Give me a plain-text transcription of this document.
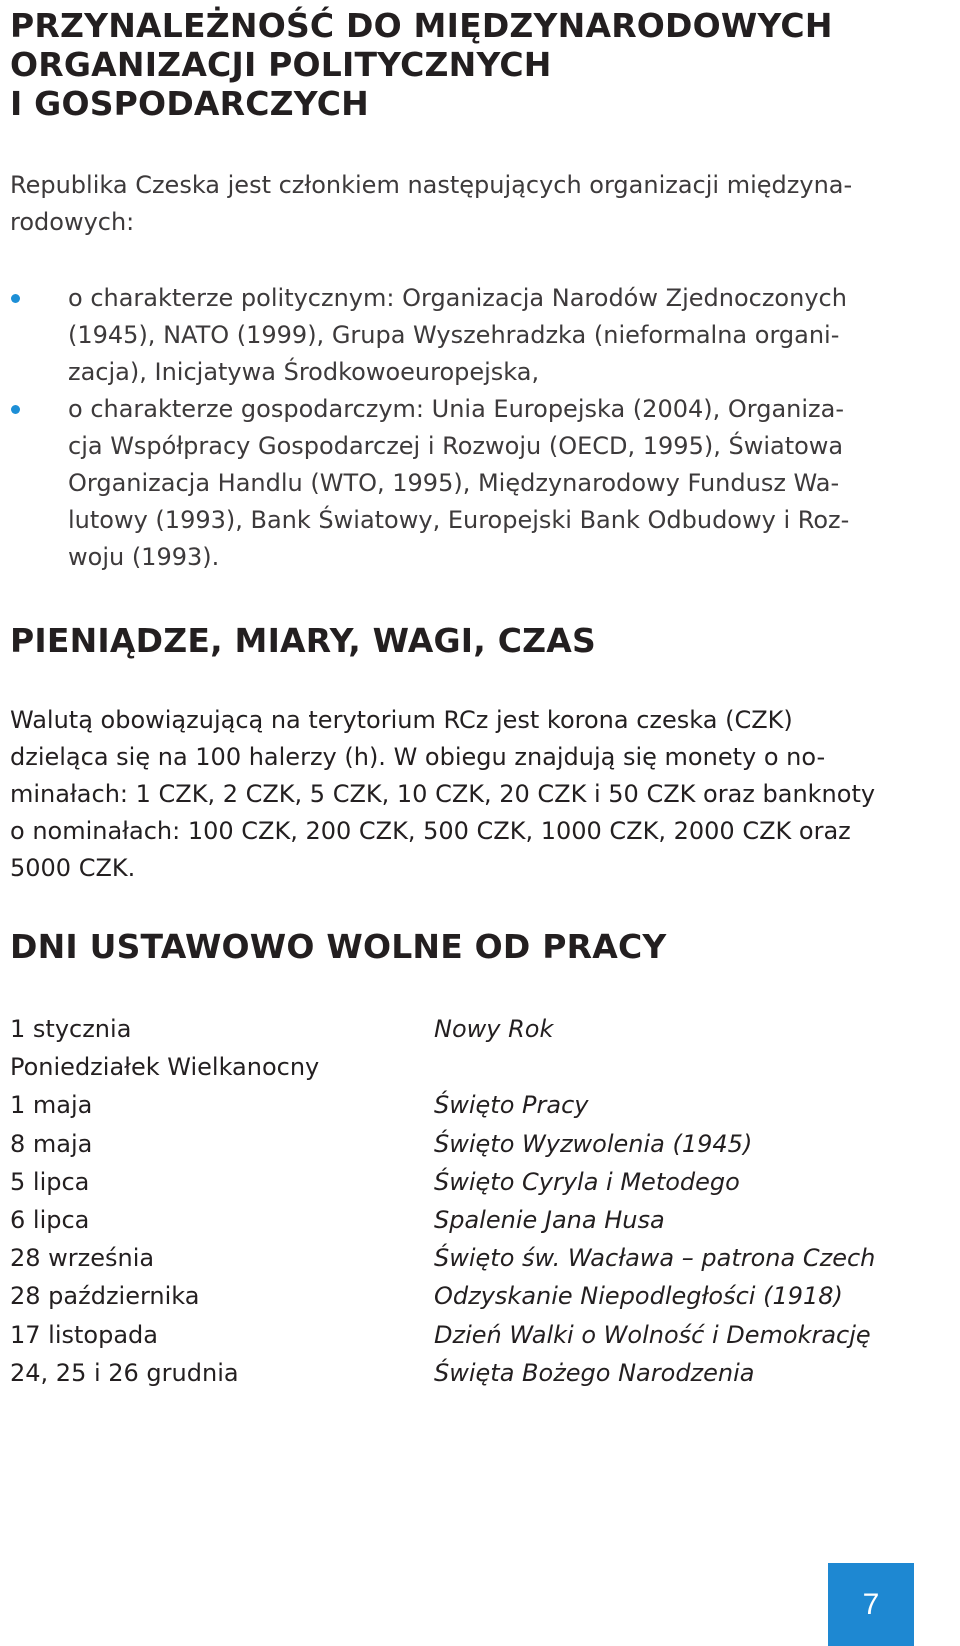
PRZYNALEŻNOŚĆ DO MIĘDZYNARODOWYCH
ORGANIZACJI POLITYCZNYCH
I GOSPODARCZYCH
Republika Czeska jest członkiem następujących organizacji międzyna-
rodowych:
o charakterze politycznym: Organizacja Narodów Zjednoczonych
(1945), NATO (1999), Grupa Wyszehradzka (nieformalna organi-
zacja), Inicjatywa Środkowoeuropejska,
o charakterze gospodarczym: Unia Europejska (2004), Organiza-
cja Współpracy Gospodarczej i Rozwoju (OECD, 1995), Światowa
Organizacja Handlu (WTO, 1995), Międzynarodowy Fundusz Wa-
lutowy (1993), Bank Światowy, Europejski Bank Odbudowy i Roz-
woju (1993).
PIENIĄDZE, MIARY, WAGI, CZAS
Walutą obowiązującą na terytorium RCz jest korona czeska (CZK)
dzieląca się na 100 halerzy (h). W obiegu znajdują się monety o no-
minałach: 1 CZK, 2 CZK, 5 CZK, 10 CZK, 20 CZK i 50 CZK oraz banknoty
o nominałach: 100 CZK, 200 CZK, 500 CZK, 1000 CZK, 2000 CZK oraz
5000 CZK.
DNI USTAWOWO WOLNE OD PRACY
1 stycznia	Nowy Rok
Poniedziałek Wielkanocny
1 maja	Święto Pracy
8 maja	Święto Wyzwolenia (1945)
5 lipca	Święto Cyryla i Metodego
6 lipca	Spalenie Jana Husa
28 września	Święto św. Wacława – patrona Czech
28 października	Odzyskanie Niepodległości (1918)
17 listopada	Dzień Walki o Wolność i Demokrację
24, 25 i 26 grudnia	Święta Bożego Narodzenia
7
